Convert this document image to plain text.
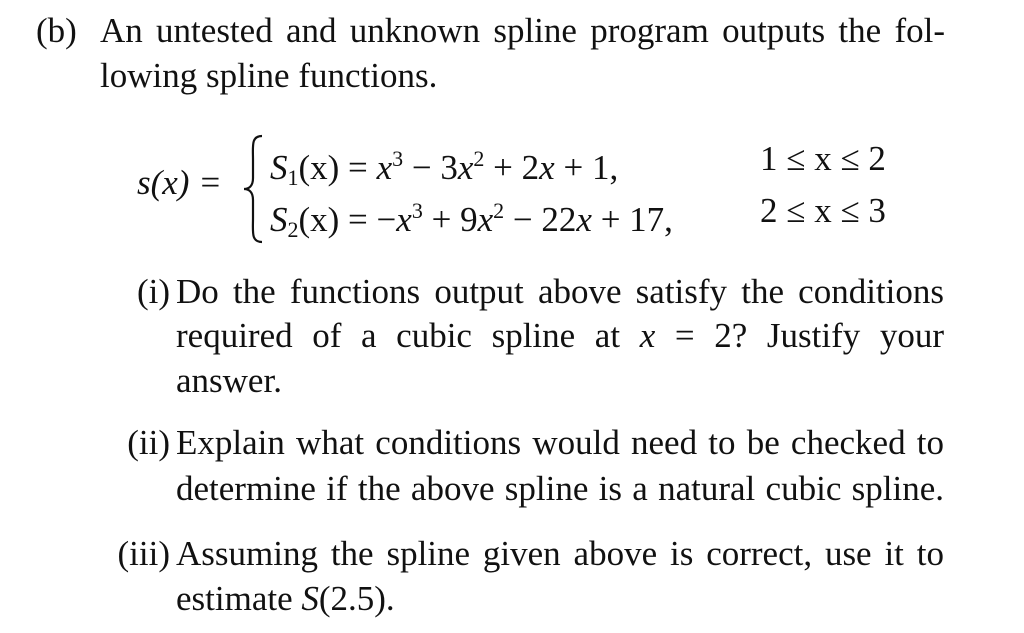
(b) An untested and unknown spline program outputs the fol-
lowing spline functions.
$s(x) = S_1(x) = x^3 - 3x^2 + 2x + 1$,	1 ≤ x ≤ 2
$S_2(x) = -x^3 + 9x^2 - 22x + 17$, 2 ≤ x ≤ 3
(i) Do the functions output above satisfy the conditions
required of a cubic spline at x = 2? Justify your
answer.
(ii) Explain what conditions would need to be checked to
determine if the above spline is a natural cubic spline.
(iii) Assuming the spline given above is correct, use it to
estimate S(2.5).
